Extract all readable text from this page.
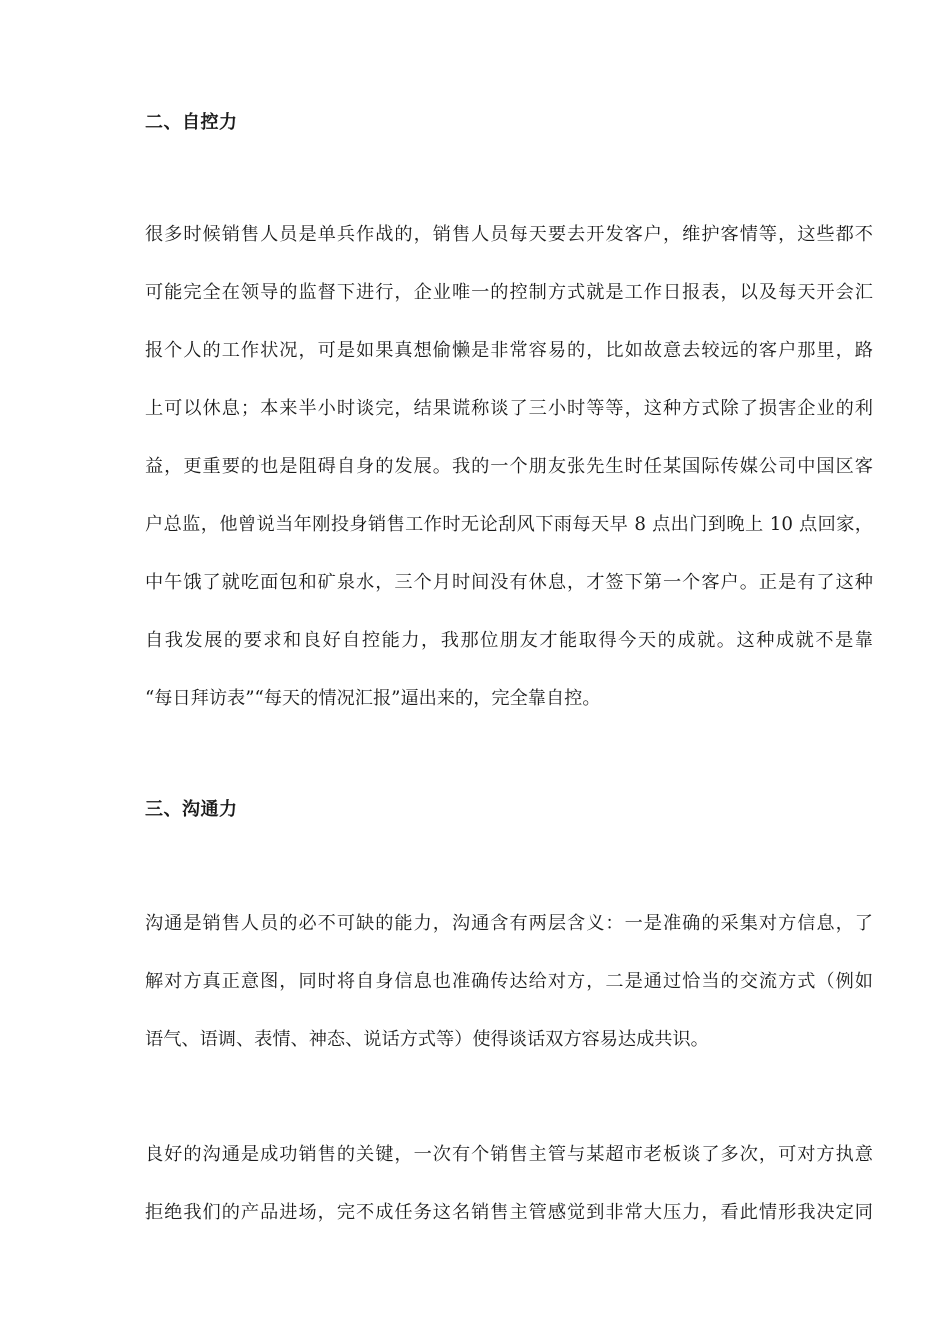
二、自控力
很多时候销售人员是单兵作战的，销售人员每天要去开发客户，维护客情等，这些都不
可能完全在领导的监督下进行，企业唯一的控制方式就是工作日报表，以及每天开会汇
报个人的工作状况，可是如果真想偷懒是非常容易的，比如故意去较远的客户那里，路
上可以休息；本来半小时谈完，结果谎称谈了三小时等等，这种方式除了损害企业的利
益，更重要的也是阻碍自身的发展。我的一个朋友张先生时任某国际传媒公司中国区客
户总监，他曾说当年刚投身销售工作时无论刮风下雨每天早 8 点出门到晚上 10 点回家，
中午饿了就吃面包和矿泉水，三个月时间没有休息，才签下第一个客户。正是有了这种
自我发展的要求和良好自控能力，我那位朋友才能取得今天的成就。这种成就不是靠
“每日拜访表”“每天的情况汇报”逼出来的，完全靠自控。
三、沟通力
沟通是销售人员的必不可缺的能力，沟通含有两层含义：一是准确的采集对方信息，了
解对方真正意图，同时将自身信息也准确传达给对方，二是通过恰当的交流方式（例如
语气、语调、表情、神态、说话方式等）使得谈话双方容易达成共识。
良好的沟通是成功销售的关键，一次有个销售主管与某超市老板谈了多次，可对方执意
拒绝我们的产品进场，完不成任务这名销售主管感觉到非常大压力，看此情形我决定同
